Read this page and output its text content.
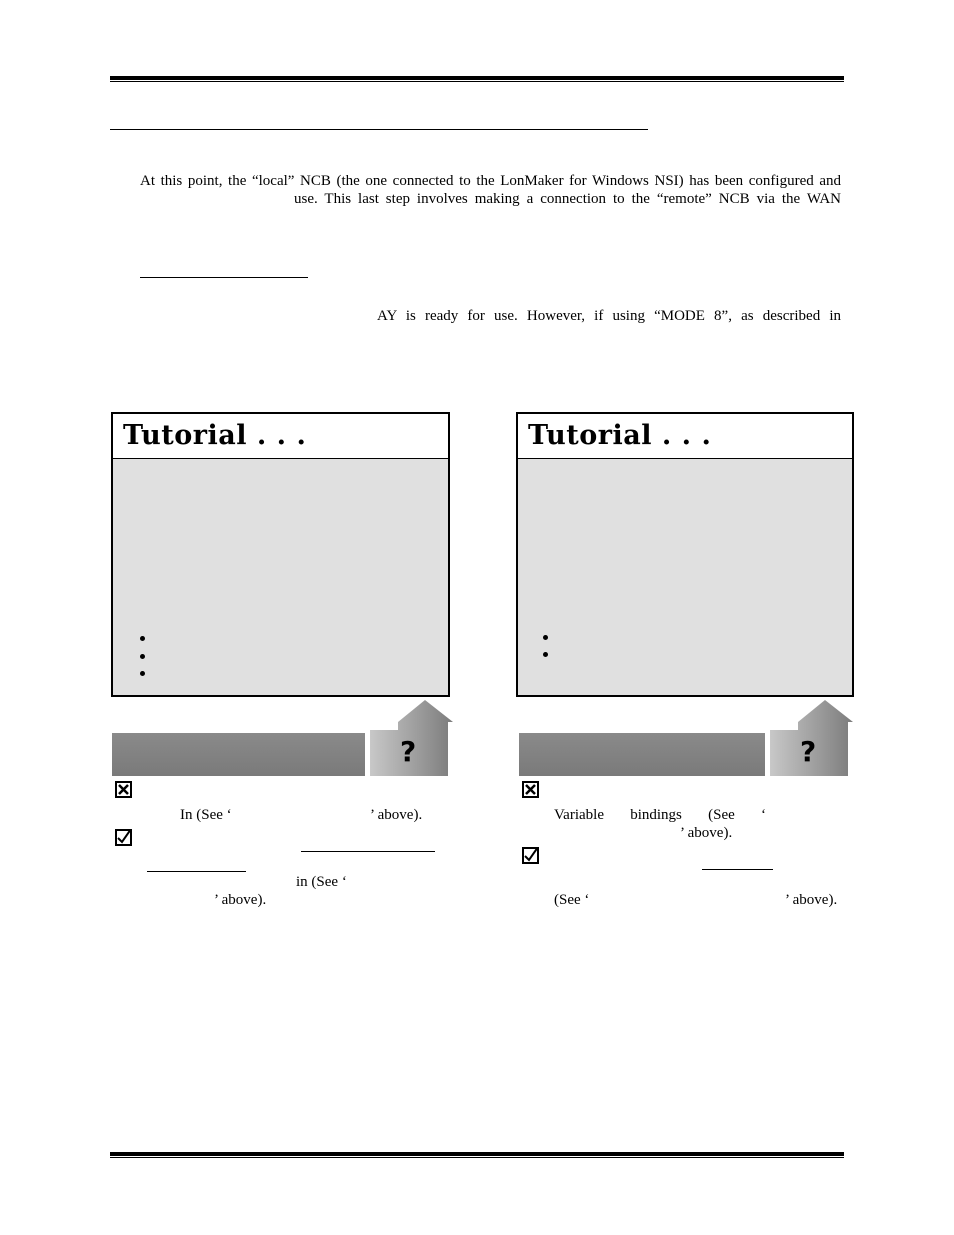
At this point, the “local” NCB (the one connected to the LonMaker for Windows NSI) has been configured and
use. This last step involves making a connection to the “remote” NCB via the WAN
AY is ready for use. However, if using “MODE 8”, as described in
Tutorial . . .
?
In (See ‘	’ above).
in (See ‘
’ above).
Tutorial . . .
?
Variable       bindings       (See       ‘
’ above).
(See ‘	’ above).
